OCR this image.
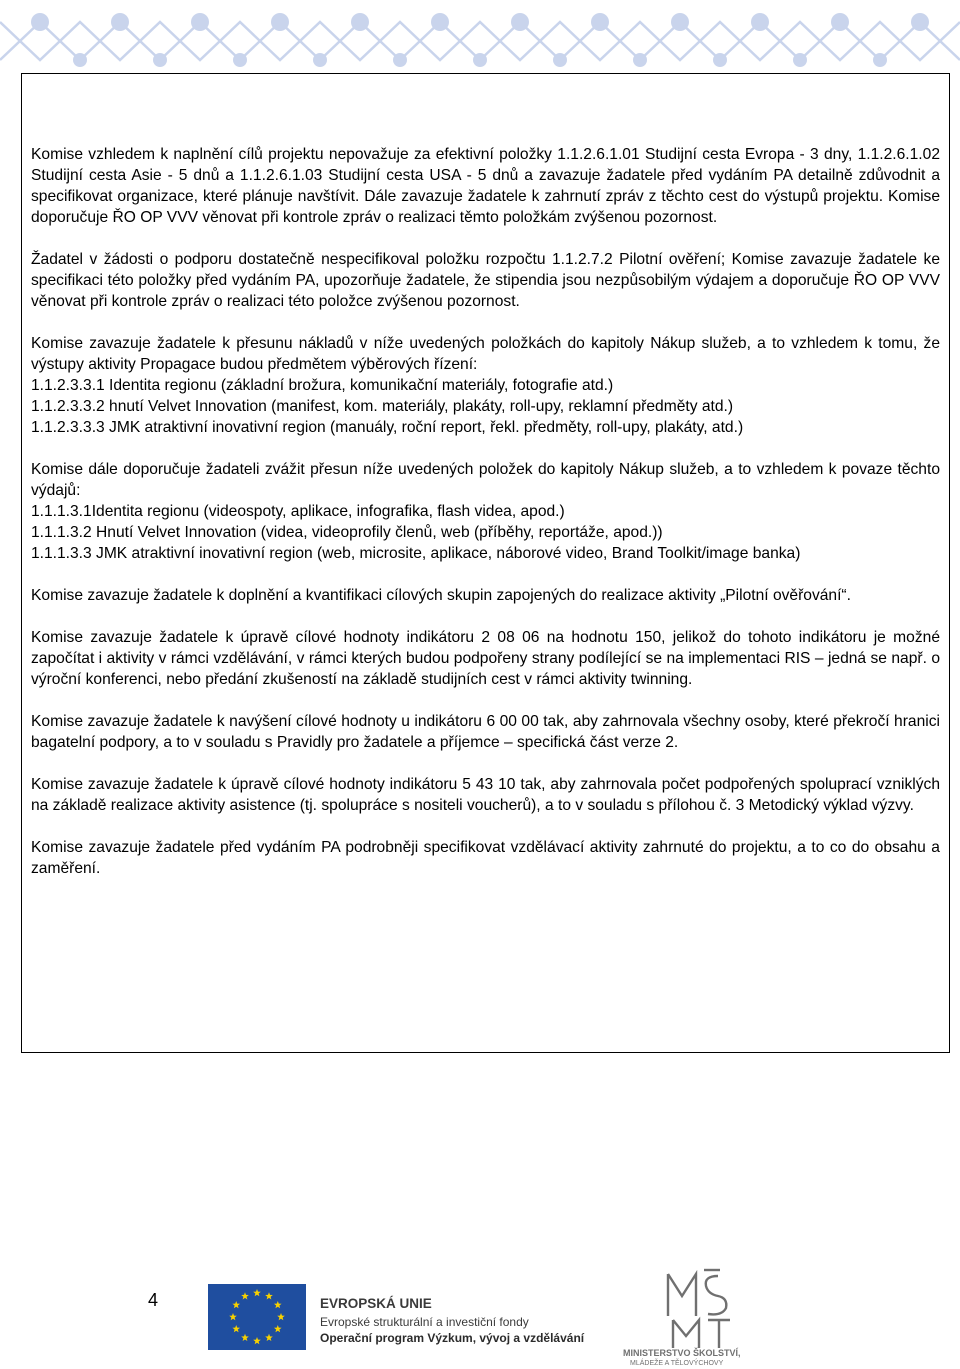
Komise vzhledem k naplnění cílů projektu nepovažuje za efektivní položky 1.1.2.6.1.01 Studijní cesta Evropa - 3 dny, 1.1.2.6.1.02 Studijní cesta Asie - 5 dnů a 1.1.2.6.1.03 Studijní cesta USA - 5 dnů a zavazuje žadatele před vydáním PA detailně zdůvodnit a specifikovat organizace, které plánuje navštívit. Dále zavazuje žadatele k zahrnutí zpráv z těchto cest do výstupů projektu. Komise doporučuje ŘO OP VVV věnovat při kontrole zpráv o realizaci těmto položkám zvýšenou pozornost.

Žadatel v žádosti o podporu dostatečně nespecifikoval položku rozpočtu 1.1.2.7.2 Pilotní ověření; Komise zavazuje žadatele ke specifikaci této položky před vydáním PA, upozorňuje žadatele, že stipendia jsou nezpůsobilým výdajem a doporučuje ŘO OP VVV věnovat při kontrole zpráv o realizaci této položce zvýšenou pozornost.

Komise zavazuje žadatele k přesunu nákladů v níže uvedených položkách do kapitoly Nákup služeb, a to vzhledem k tomu, že výstupy aktivity Propagace budou předmětem výběrových řízení:
1.1.2.3.3.1 Identita regionu (základní brožura, komunikační materiály, fotografie atd.)
1.1.2.3.3.2 hnutí Velvet Innovation (manifest, kom. materiály, plakáty, roll-upy, reklamní předměty atd.)
1.1.2.3.3.3 JMK atraktivní inovativní region (manuály, roční report, řekl. předměty, roll-upy, plakáty, atd.)

Komise dále doporučuje žadateli zvážit přesun níže uvedených položek do kapitoly Nákup služeb, a to vzhledem k povaze těchto výdajů:
1.1.1.3.1Identita regionu (videospoty, aplikace, infografika, flash videa, apod.)
1.1.1.3.2 Hnutí Velvet Innovation (videa, videoprofily členů, web (příběhy, reportáže, apod.))
1.1.1.3.3 JMK atraktivní inovativní region (web, microsite, aplikace, náborové video, Brand Toolkit/image banka)

Komise zavazuje žadatele k doplnění a kvantifikaci cílových skupin zapojených do realizace aktivity „Pilotní ověřování“.

Komise zavazuje žadatele k úpravě cílové hodnoty indikátoru 2 08 06 na hodnotu 150, jelikož do tohoto indikátoru je možné započítat i aktivity v rámci vzdělávání, v rámci kterých budou podpořeny strany podílející se na implementaci RIS – jedná se např. o výroční konferenci, nebo předání zkušeností na základě studijních cest v rámci aktivity twinning.

Komise zavazuje žadatele k navýšení cílové hodnoty u indikátoru 6 00 00 tak, aby zahrnovala všechny osoby, které překročí hranici bagatelní podpory, a to v souladu s Pravidly pro žadatele a příjemce – specifická část verze 2.

Komise zavazuje žadatele k úpravě cílové hodnoty indikátoru 5 43 10 tak, aby zahrnovala počet podpořených spoluprací vzniklých na základě realizace aktivity asistence (tj. spolupráce s nositeli voucherů), a to v souladu s přílohou č. 3 Metodický výklad výzvy.

Komise zavazuje žadatele před vydáním PA podrobněji specifikovat vzdělávací aktivity zahrnuté do projektu, a to co do obsahu a zaměření.

4	EVROPSKÁ UNIE
Evropské strukturální a investiční fondy
Operační program Výzkum, vývoj a vzdělávání
MINISTERSTVO ŠKOLSTVÍ,
MLÁDEŽE A TĚLOVÝCHOVY
